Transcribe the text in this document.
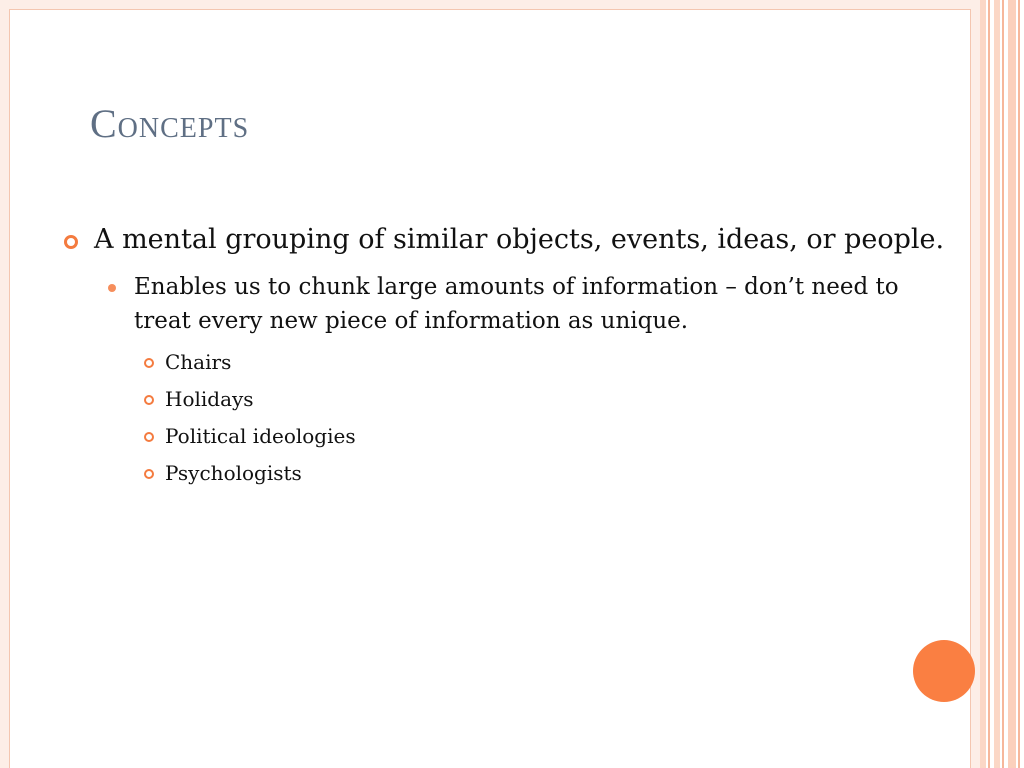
Concepts
A mental grouping of similar objects, events, ideas, or people.
Enables us to chunk large amounts of information – don’t need to treat every new piece of information as unique.
Chairs
Holidays
Political ideologies
Psychologists
